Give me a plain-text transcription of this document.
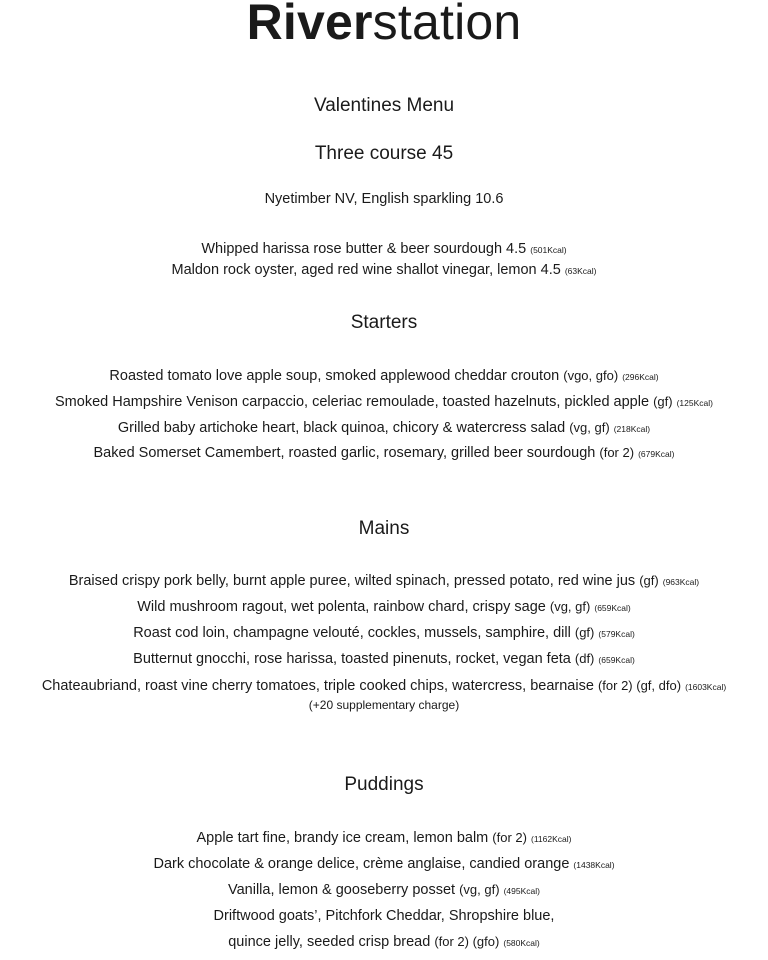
Riverstation
Valentines Menu
Three course 45
Nyetimber NV, English sparkling 10.6
Whipped harissa rose butter & beer sourdough 4.5 (501Kcal)
Maldon rock oyster, aged red wine shallot vinegar, lemon 4.5 (63Kcal)
Starters
Roasted tomato love apple soup, smoked applewood cheddar crouton (vgo, gfo) (296Kcal)
Smoked Hampshire Venison carpaccio, celeriac remoulade, toasted hazelnuts, pickled apple (gf) (125Kcal)
Grilled baby artichoke heart, black quinoa, chicory & watercress salad (vg, gf) (218Kcal)
Baked Somerset Camembert, roasted garlic, rosemary, grilled beer sourdough (for 2) (679Kcal)
Mains
Braised crispy pork belly, burnt apple puree, wilted spinach, pressed potato, red wine jus (gf) (963Kcal)
Wild mushroom ragout, wet polenta, rainbow chard, crispy sage (vg, gf) (659Kcal)
Roast cod loin, champagne velouté, cockles, mussels, samphire, dill (gf) (579Kcal)
Butternut gnocchi, rose harissa, toasted pinenuts, rocket, vegan feta (df) (659Kcal)
Chateaubriand, roast vine cherry tomatoes, triple cooked chips, watercress, bearnaise (for 2) (gf, dfo) (1603Kcal)
(+20 supplementary charge)
Puddings
Apple tart fine, brandy ice cream, lemon balm (for 2) (1162Kcal)
Dark chocolate & orange delice, crème anglaise, candied orange (1438Kcal)
Vanilla, lemon & gooseberry posset (vg, gf) (495Kcal)
Driftwood goats’, Pitchfork Cheddar, Shropshire blue,
quince jelly, seeded crisp bread (for 2) (gfo) (580Kcal)
